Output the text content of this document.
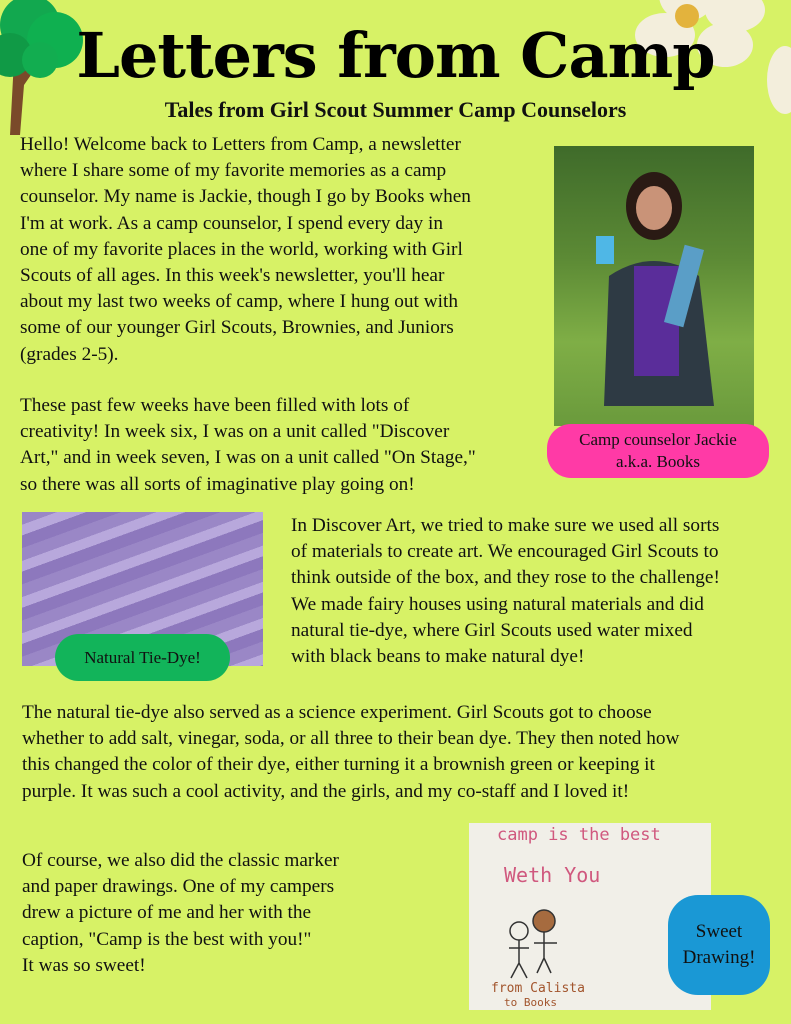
Letters from Camp
Tales from Girl Scout Summer Camp Counselors
Hello! Welcome back to Letters from Camp, a newsletter
where I share some of my favorite memories as a camp
counselor. My name is Jackie, though I go by Books when
I'm at work. As a camp counselor, I spend every day in
one of my favorite places in the world, working with Girl
Scouts of all ages. In this week's newsletter, you'll hear
about my last two weeks of camp, where I hung out with
some of our younger Girl Scouts, Brownies, and Juniors
(grades 2-5).
These past few weeks have been filled with lots of
creativity! In week six, I was on a unit called "Discover
Art," and in week seven, I was on a unit called "On Stage,"
so there was all sorts of imaginative play going on!
Camp counselor Jackie
a.k.a. Books
Natural Tie-Dye!
In Discover Art, we tried to make sure we used all sorts
of materials to create art. We encouraged Girl Scouts to
think outside of the box, and they rose to the challenge!
We made fairy houses using natural materials and did
natural tie-dye, where Girl Scouts used water mixed
with black beans to make natural dye!
The natural tie-dye also served as a science experiment. Girl Scouts got to choose
whether to add salt, vinegar, soda, or all three to their bean dye. They then noted how
this changed the color of their dye, either turning it a brownish green or keeping it
purple. It was such a cool activity, and the girls, and my co-staff and I loved it!
Of course, we also did the classic marker
and paper drawings. One of my campers
drew a picture of me and her with the
caption, "Camp is the best with you!"
It was so sweet!
camp is the best
Weth You
from Calista
to Books
Sweet
Drawing!
